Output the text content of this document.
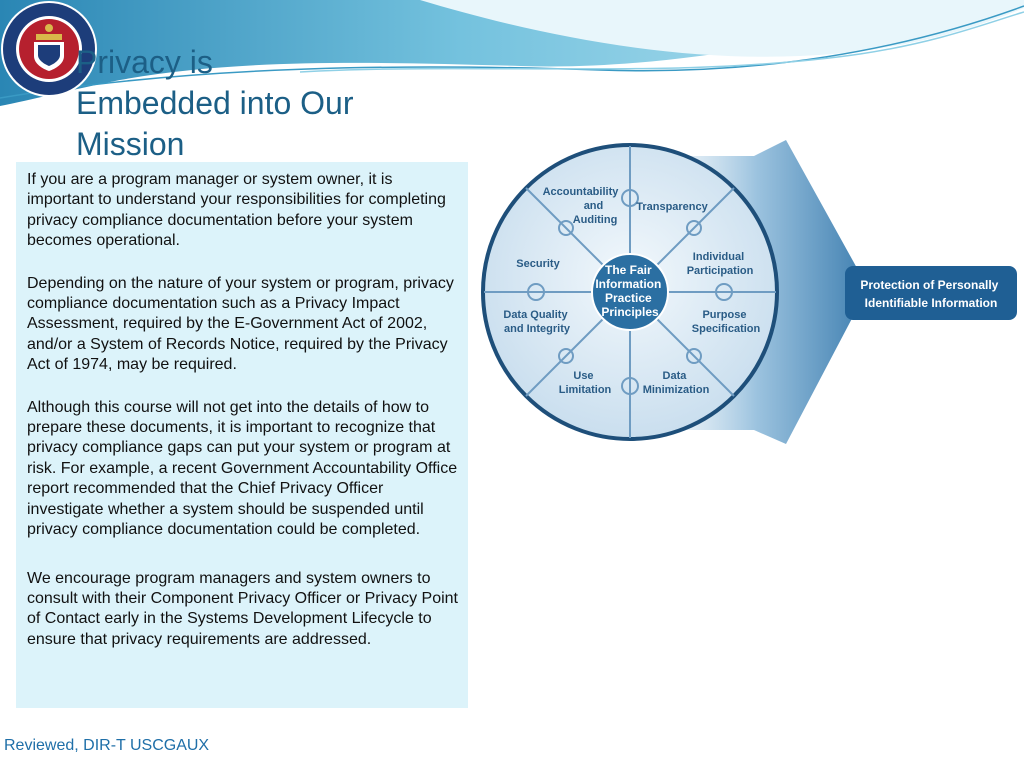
Privacy is
Embedded into Our
Mission

If you are a program manager or system owner, it is important to understand your responsibilities for completing privacy compliance documentation before your system becomes operational.

Depending on the nature of your system or program, privacy compliance documentation such as a Privacy Impact Assessment, required by the E-Government Act of 2002, and/or a System of Records Notice, required by the Privacy Act of 1974, may be required.

Although this course will not get into the details of how to prepare these documents, it is important to recognize that privacy compliance gaps can put your system or program at risk. For example, a recent Government Accountability Office report recommended that the Chief Privacy Officer investigate whether a system should be suspended until privacy compliance documentation could be completed.

We encourage program managers and system owners to consult with their Component Privacy Officer or Privacy Point of Contact early in the Systems Development Lifecycle to ensure that privacy requirements are addressed.

The Fair Information Practice Principles
Accountability and Auditing
Transparency
Individual Participation
Purpose Specification
Data Minimization
Use Limitation
Data Quality and Integrity
Security
Protection of Personally Identifiable Information
Reviewed, DIR-T USCGAUX
